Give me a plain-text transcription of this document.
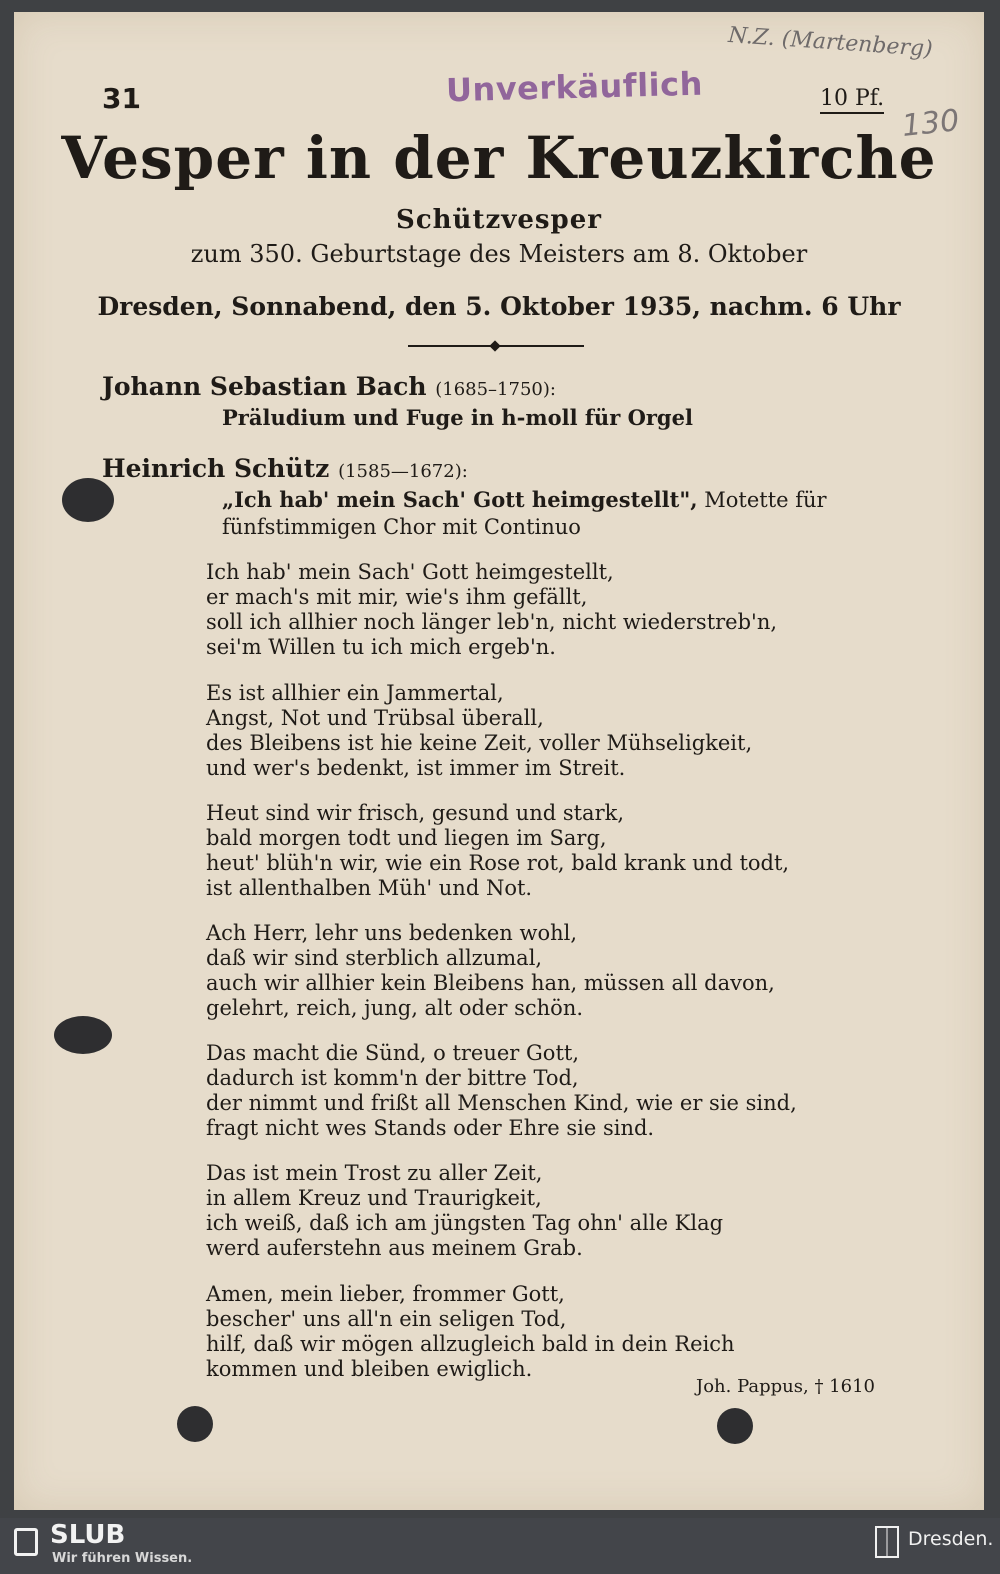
31	Unverkäuflich	10 Pf.
N.Z. (Martenberg)
130
Vesper in der Kreuzkirche
Schützvesper
zum 350. Geburtstage des Meisters am 8. Oktober
Dresden, Sonnabend, den 5. Oktober 1935, nachm. 6 Uhr
Johann Sebastian Bach (1685–1750):
Präludium und Fuge in h-moll für Orgel
Heinrich Schütz (1585—1672):
„Ich hab' mein Sach' Gott heimgestellt", Motette für fünfstimmigen Chor mit Continuo
Ich hab' mein Sach' Gott heimgestellt,
er mach's mit mir, wie's ihm gefällt,
soll ich allhier noch länger leb'n, nicht wiederstreb'n,
sei'm Willen tu ich mich ergeb'n.
Es ist allhier ein Jammertal,
Angst, Not und Trübsal überall,
des Bleibens ist hie keine Zeit, voller Mühseligkeit,
und wer's bedenkt, ist immer im Streit.
Heut sind wir frisch, gesund und stark,
bald morgen todt und liegen im Sarg,
heut' blüh'n wir, wie ein Rose rot, bald krank und todt,
ist allenthalben Müh' und Not.
Ach Herr, lehr uns bedenken wohl,
daß wir sind sterblich allzumal,
auch wir allhier kein Bleibens han, müssen all davon,
gelehrt, reich, jung, alt oder schön.
Das macht die Sünd, o treuer Gott,
dadurch ist komm'n der bittre Tod,
der nimmt und frißt all Menschen Kind, wie er sie sind,
fragt nicht wes Stands oder Ehre sie sind.
Das ist mein Trost zu aller Zeit,
in allem Kreuz und Traurigkeit,
ich weiß, daß ich am jüngsten Tag ohn' alle Klag
werd auferstehn aus meinem Grab.
Amen, mein lieber, frommer Gott,
bescher' uns all'n ein seligen Tod,
hilf, daß wir mögen allzugleich bald in dein Reich
kommen und bleiben ewiglich.
Joh. Pappus, † 1610
SLUB
Wir führen Wissen.
Dresden.
